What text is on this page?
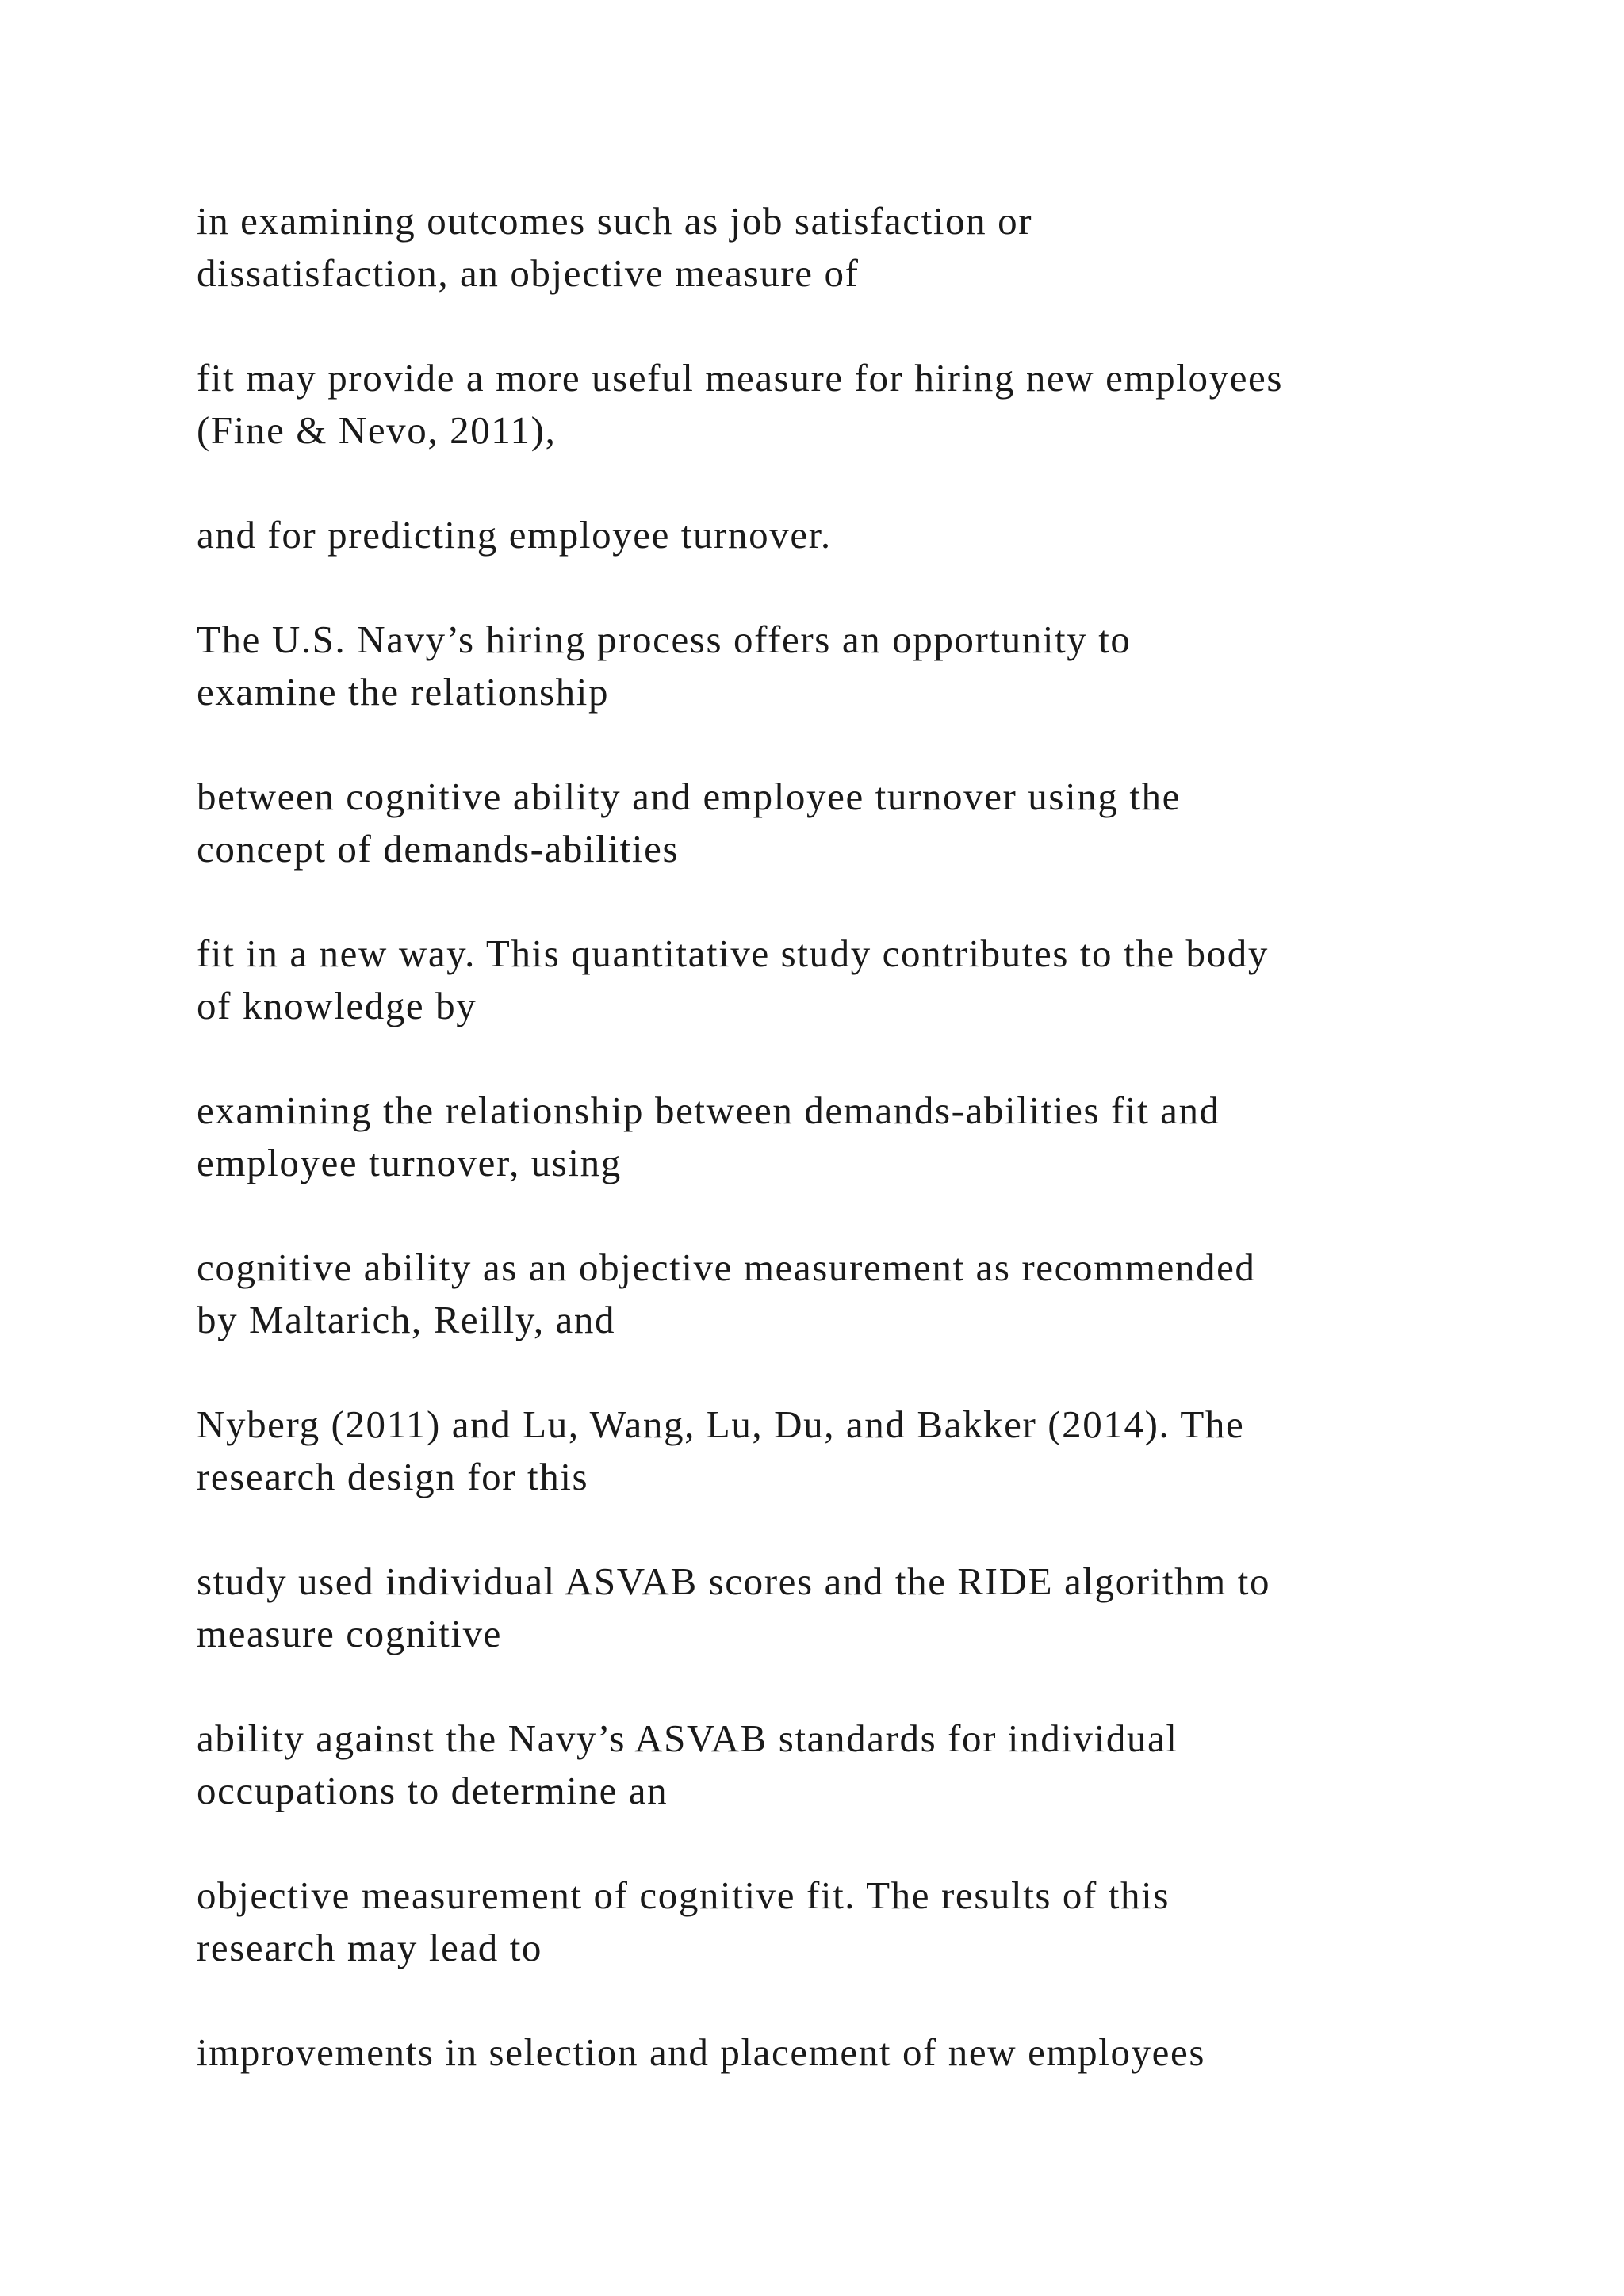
in examining outcomes such as job satisfaction or
dissatisfaction, an objective measure of

fit may provide a more useful measure for hiring new employees
(Fine & Nevo, 2011),

and for predicting employee turnover.

The U.S. Navy’s hiring process offers an opportunity to
examine the relationship

between cognitive ability and employee turnover using the
concept of demands-abilities

fit in a new way. This quantitative study contributes to the body
of knowledge by

examining the relationship between demands-abilities fit and
employee turnover, using

cognitive ability as an objective measurement as recommended
by Maltarich, Reilly, and

Nyberg (2011) and Lu, Wang, Lu, Du, and Bakker (2014). The
research design for this

study used individual ASVAB scores and the RIDE algorithm to
measure cognitive

ability against the Navy’s ASVAB standards for individual
occupations to determine an

objective measurement of cognitive fit. The results of this
research may lead to

improvements in selection and placement of new employees
